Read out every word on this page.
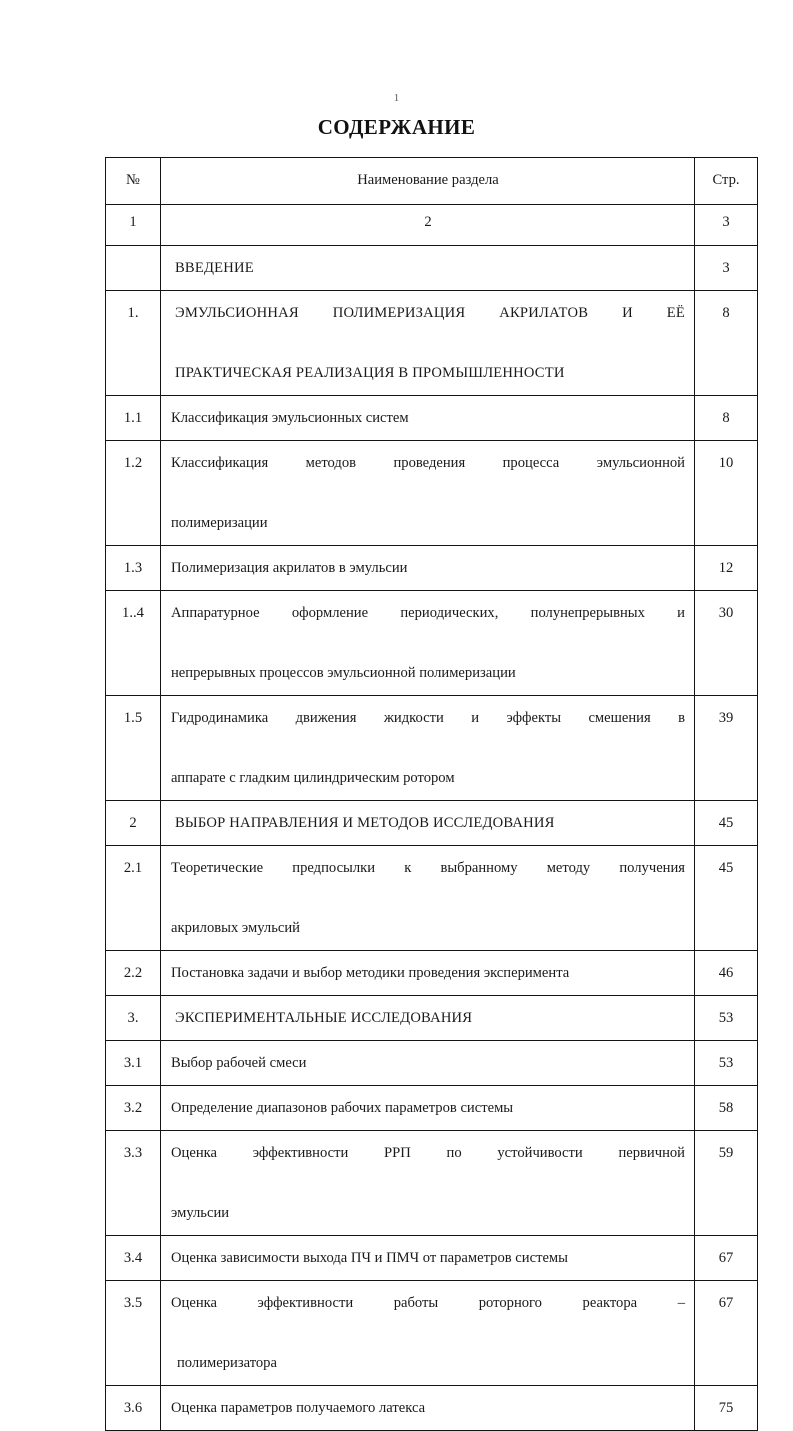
1
СОДЕРЖАНИЕ
№	Наименование раздела	Стр.

1	2	3

	ВВЕДЕНИЕ	3

1.	ЭМУЛЬСИОННАЯ ПОЛИМЕРИЗАЦИЯ АКРИЛАТОВ И ЕЁ
ПРАКТИЧЕСКАЯ РЕАЛИЗАЦИЯ В ПРОМЫШЛЕННОСТИ	8

1.1	Классификация эмульсионных систем	8

1.2	Классификация методов проведения процесса эмульсионной
полимеризации	10

1.3	Полимеризация акрилатов в эмульсии	12

1..4	Аппаратурное оформление периодических, полунепрерывных и
непрерывных процессов эмульсионной полимеризации	30

1.5	Гидродинамика движения жидкости и эффекты смешения в
аппарате с гладким цилиндрическим ротором	39

2	ВЫБОР НАПРАВЛЕНИЯ И МЕТОДОВ ИССЛЕДОВАНИЯ	45

2.1	Теоретические предпосылки к выбранному методу получения
акриловых эмульсий	45

2.2	Постановка задачи и выбор методики проведения эксперимента	46

3.	ЭКСПЕРИМЕНТАЛЬНЫЕ ИССЛЕДОВАНИЯ	53

3.1	Выбор рабочей смеси	53

3.2	Определение диапазонов рабочих параметров системы	58

3.3	Оценка эффективности РРП по устойчивости первичной
эмульсии	59

3.4	Оценка зависимости выхода ПЧ и ПМЧ от параметров системы	67

3.5	Оценка эффективности работы роторного реактора –
полимеризатора	67

3.6	Оценка параметров получаемого латекса	75
